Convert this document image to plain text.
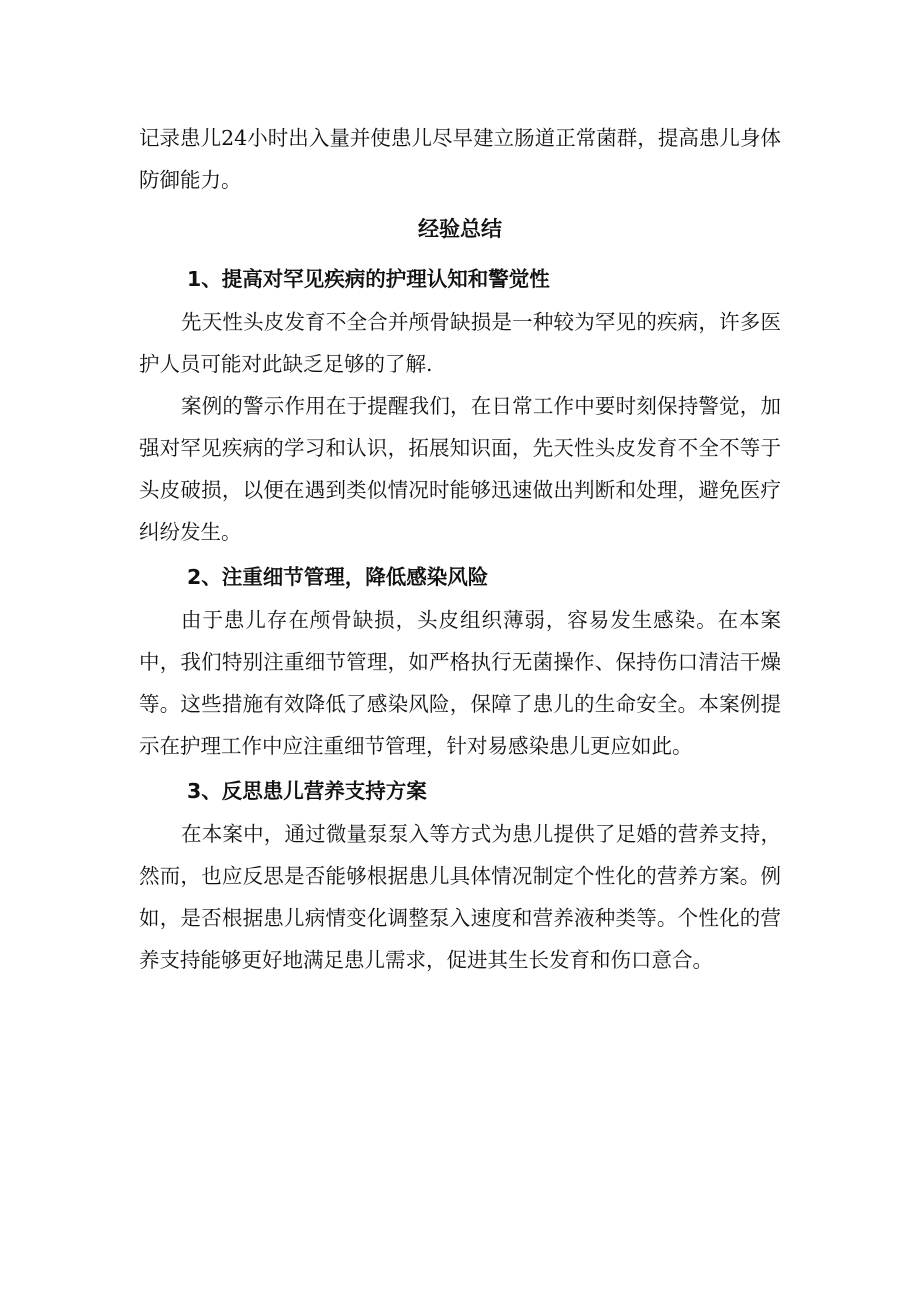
记录患儿24小时出入量并使患儿尽早建立肠道正常菌群，提高患儿身体防御能力。

经验总结
1、提高对罕见疾病的护理认知和警觉性

先天性头皮发育不全合并颅骨缺损是一种较为罕见的疾病，许多医护人员可能对此缺乏足够的了解.

案例的警示作用在于提醒我们，在日常工作中要时刻保持警觉，加强对罕见疾病的学习和认识，拓展知识面，先天性头皮发育不全不等于头皮破损，以便在遇到类似情况时能够迅速做出判断和处理，避免医疗纠纷发生。

2、注重细节管理，降低感染风险

由于患儿存在颅骨缺损，头皮组织薄弱，容易发生感染。在本案中，我们特别注重细节管理，如严格执行无菌操作、保持伤口清洁干燥等。这些措施有效降低了感染风险，保障了患儿的生命安全。本案例提示在护理工作中应注重细节管理，针对易感染患儿更应如此。

3、反思患儿营养支持方案

在本案中，通过微量泵泵入等方式为患儿提供了足婚的营养支持，然而，也应反思是否能够根据患儿具体情况制定个性化的营养方案。例如，是否根据患儿病情变化调整泵入速度和营养液种类等。个性化的营养支持能够更好地满足患儿需求，促进其生长发育和伤口意合。
